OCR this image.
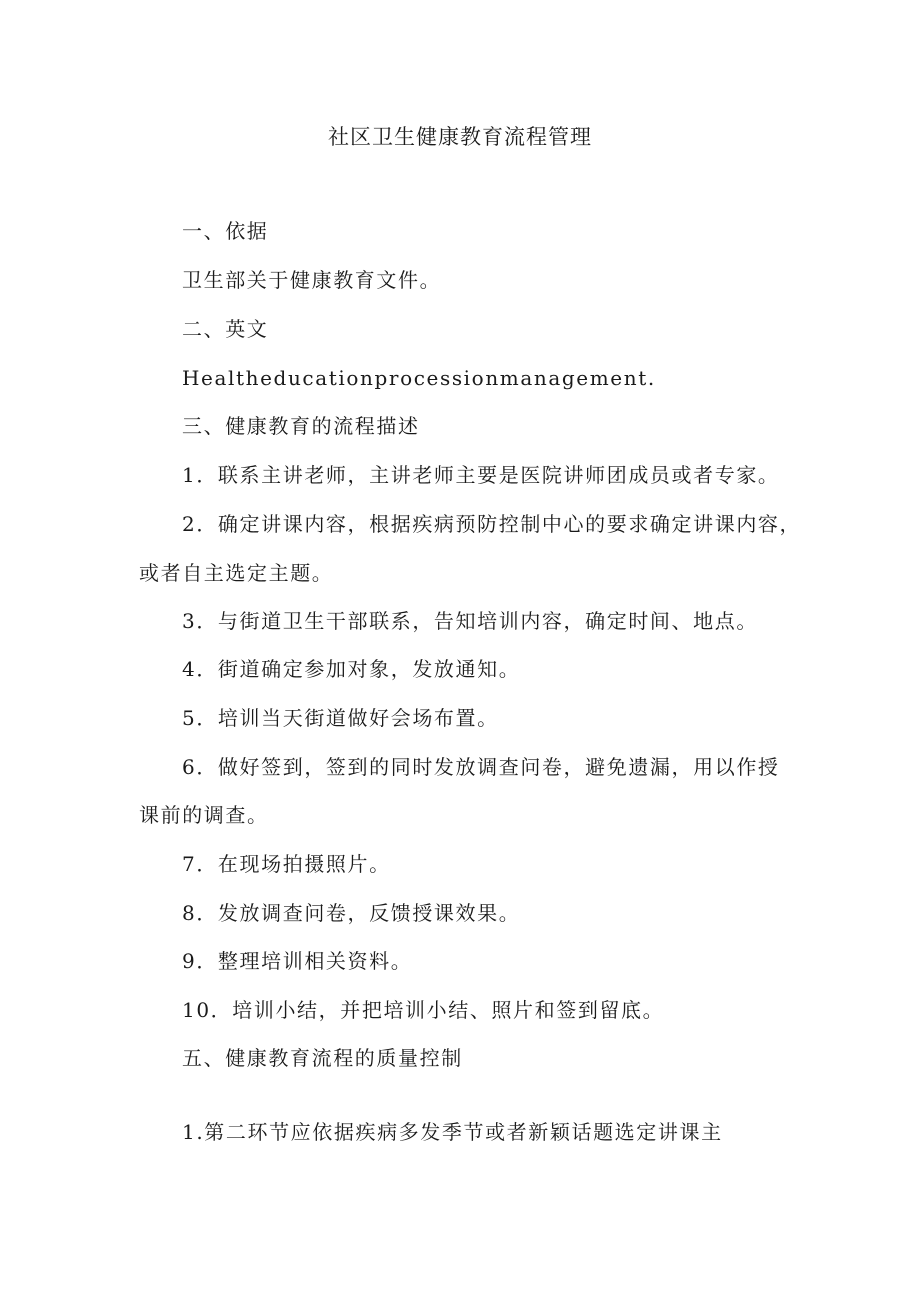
社区卫生健康教育流程管理
一、依据
卫生部关于健康教育文件。
二、英文
Healtheducationprocessionmanagement.
三、健康教育的流程描述
1．联系主讲老师，主讲老师主要是医院讲师团成员或者专家。
2．确定讲课内容，根据疾病预防控制中心的要求确定讲课内容，
或者自主选定主题。
3．与街道卫生干部联系，告知培训内容，确定时间、地点。
4．街道确定参加对象，发放通知。
5．培训当天街道做好会场布置。
6．做好签到，签到的同时发放调查问卷，避免遗漏，用以作授
课前的调查。
7．在现场拍摄照片。
8．发放调查问卷，反馈授课效果。
9．整理培训相关资料。
10．培训小结，并把培训小结、照片和签到留底。
五、健康教育流程的质量控制
1.第二环节应依据疾病多发季节或者新颖话题选定讲课主
